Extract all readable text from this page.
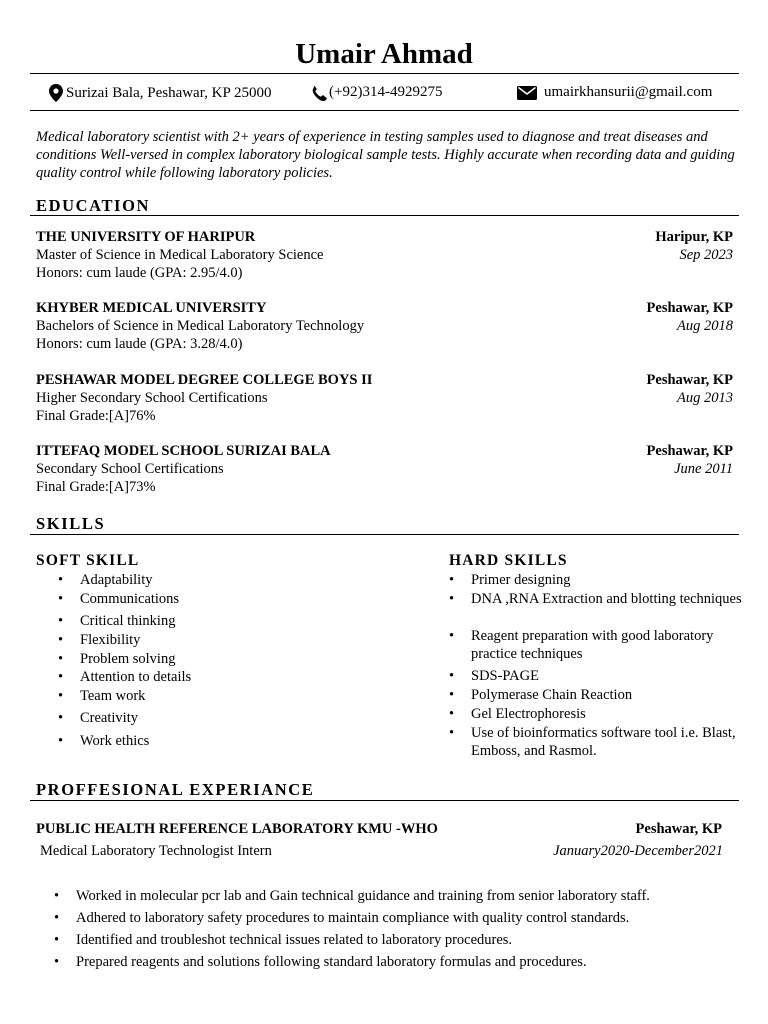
Umair Ahmad
Surizai Bala, Peshawar, KP 25000	(+92)314-4929275	umairkhansurii@gmail.com
Medical laboratory scientist with 2+ years of experience in testing samples used to diagnose and treat diseases and conditions Well-versed in complex laboratory biological sample tests. Highly accurate when recording data and guiding quality control while following laboratory policies.
EDUCATION
THE UNIVERSITY OF HARIPUR	Haripur, KP
Master of Science in Medical Laboratory Science	Sep 2023
Honors: cum laude (GPA: 2.95/4.0)
KHYBER MEDICAL UNIVERSITY	Peshawar, KP
Bachelors of Science in Medical Laboratory Technology	Aug 2018
Honors: cum laude (GPA: 3.28/4.0)
PESHAWAR MODEL DEGREE COLLEGE BOYS II	Peshawar, KP
Higher Secondary School Certifications	Aug 2013
Final Grade:[A]76%
ITTEFAQ MODEL SCHOOL SURIZAI BALA	Peshawar, KP
Secondary School Certifications	June 2011
Final Grade:[A]73%
SKILLS
SOFT SKILL
• Adaptability
• Communications
• Critical thinking
• Flexibility
• Problem solving
• Attention to details
• Team work
• Creativity
• Work ethics
HARD SKILLS
• Primer designing
• DNA ,RNA Extraction and blotting techniques
• Reagent preparation with good laboratory practice techniques
• SDS-PAGE
• Polymerase Chain Reaction
• Gel Electrophoresis
• Use of bioinformatics software tool i.e. Blast, Emboss, and Rasmol.
PROFFESIONAL EXPERIANCE
PUBLIC HEALTH REFERENCE LABORATORY KMU -WHO	Peshawar, KP
Medical Laboratory Technologist Intern	January2020-December2021
• Worked in molecular pcr lab and Gain technical guidance and training from senior laboratory staff.
• Adhered to laboratory safety procedures to maintain compliance with quality control standards.
• Identified and troubleshot technical issues related to laboratory procedures.
• Prepared reagents and solutions following standard laboratory formulas and procedures.
